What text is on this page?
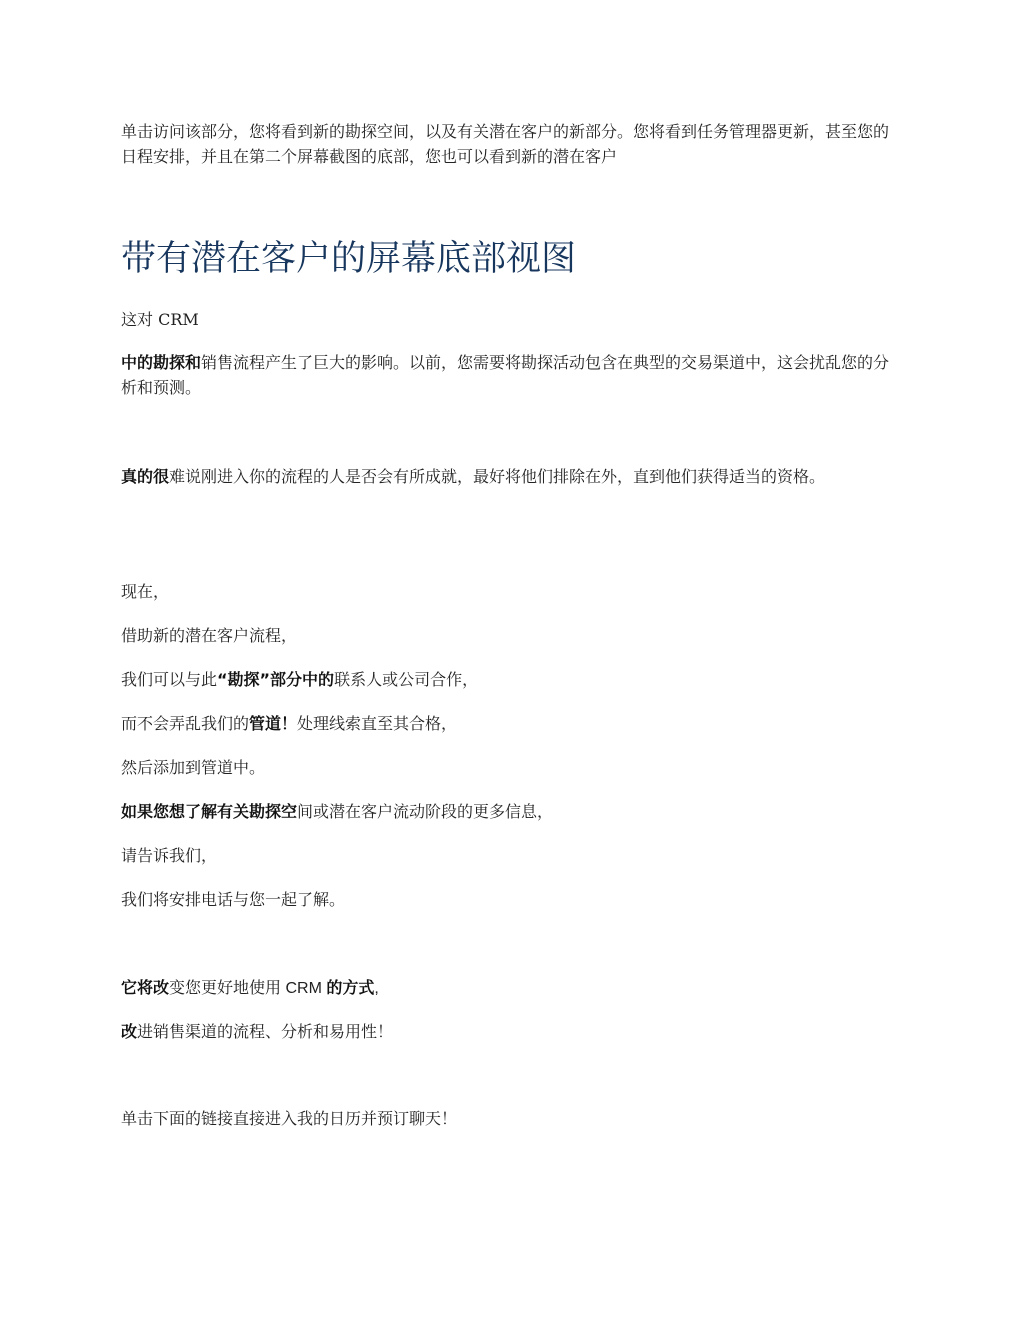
单击访问该部分，您将看到新的勘探空间，以及有关潜在客户的新部分。您将看到任务管理器更新，甚至您的日程安排，并且在第二个屏幕截图的底部，您也可以看到新的潜在客户

带有潜在客户的屏幕底部视图

这对 CRM

中的勘探和销售流程产生了巨大的影响。以前，您需要将勘探活动包含在典型的交易渠道中，这会扰乱您的分析和预测。

真的很难说刚进入你的流程的人是否会有所成就，最好将他们排除在外，直到他们获得适当的资格。

现在，

借助新的潜在客户流程，

我们可以与此“勘探”部分中的联系人或公司合作，

而不会弄乱我们的管道！处理线索直至其合格，

然后添加到管道中。

如果您想了解有关勘探空间或潜在客户流动阶段的更多信息，

请告诉我们，

我们将安排电话与您一起了解。

它将改变您更好地使用 CRM 的方式,

改进销售渠道的流程、分析和易用性！

单击下面的链接直接进入我的日历并预订聊天！
